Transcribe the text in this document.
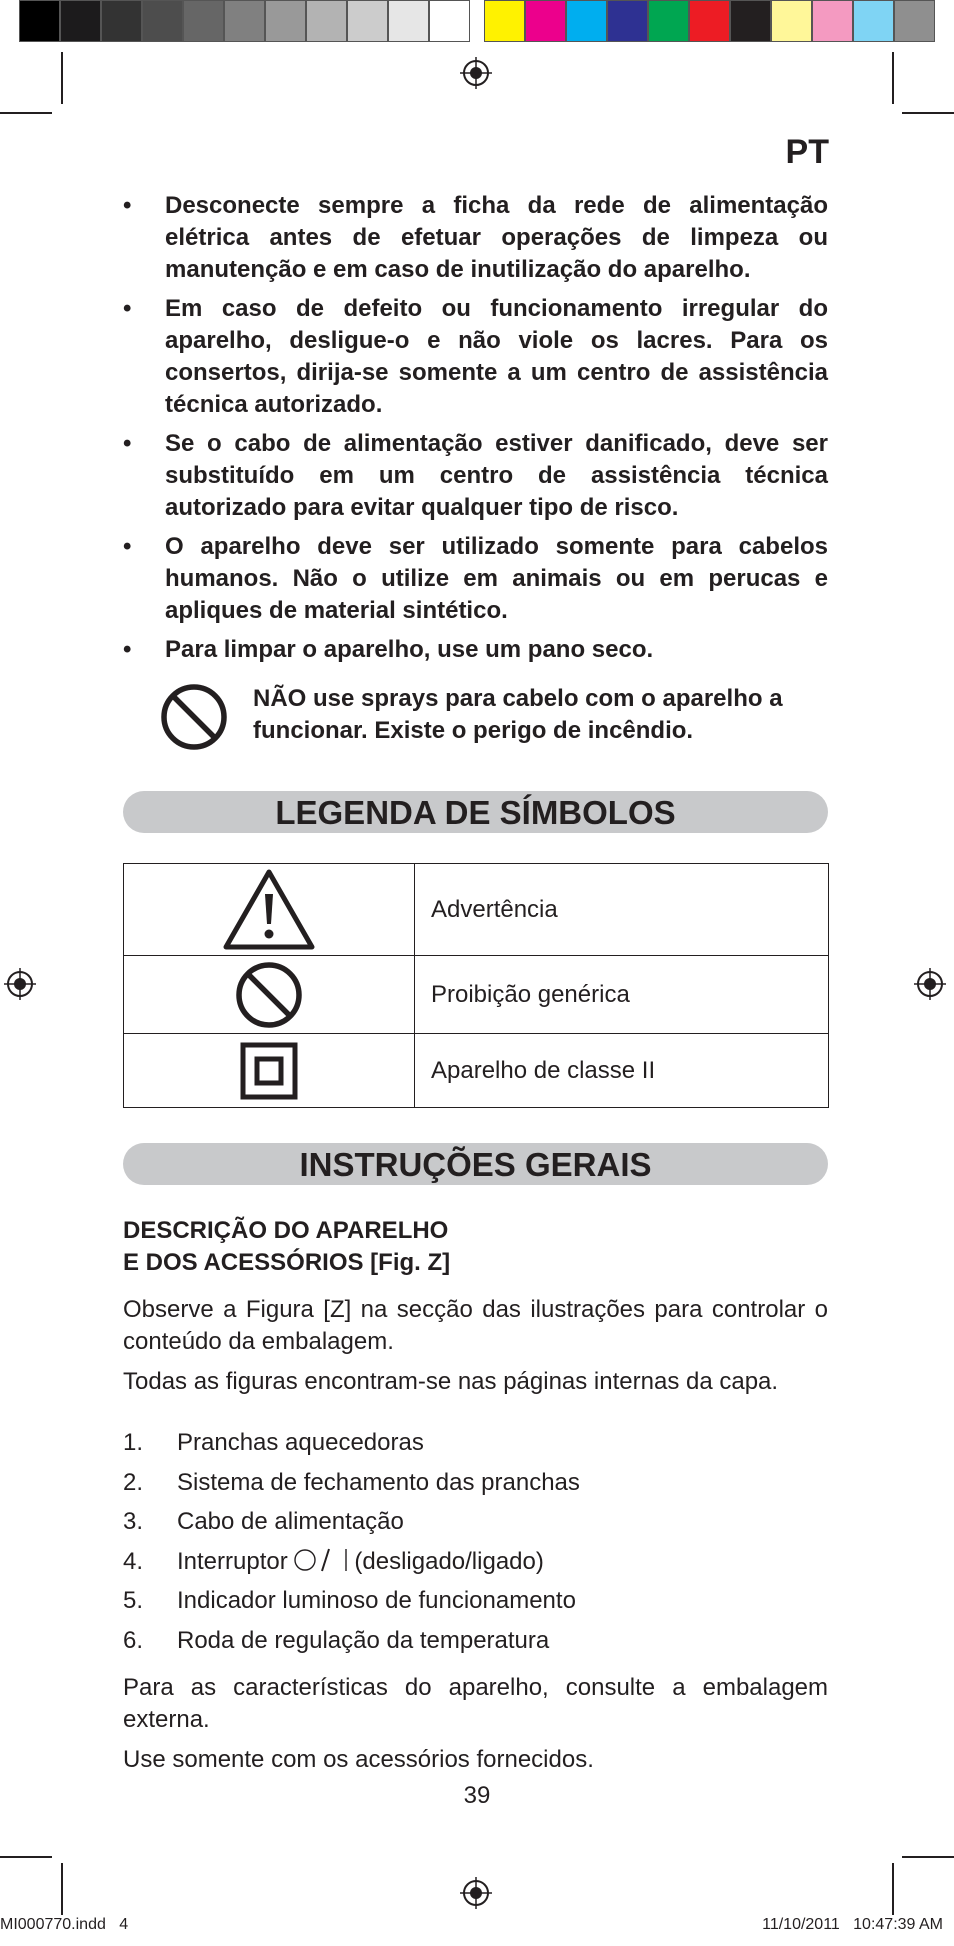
PT
• Desconecte sempre a ficha da rede de alimentação elétrica antes de efetuar operações de limpeza ou manutenção e em caso de inutilização do aparelho.
• Em caso de defeito ou funcionamento irregular do aparelho, desligue-o e não viole os lacres. Para os consertos, dirija-se somente a um centro de assistência técnica autorizado.
• Se o cabo de alimentação estiver danificado, deve ser substituído em um centro de assistência técnica autorizado para evitar qualquer tipo de risco.
• O aparelho deve ser utilizado somente para cabelos humanos. Não o utilize em animais ou em perucas e apliques de material sintético.
• Para limpar o aparelho, use um pano seco.
NÃO use sprays para cabelo com o aparelho a funcionar. Existe o perigo de incêndio.
LEGENDA DE SÍMBOLOS
	Advertência

	Proibição genérica

	Aparelho de classe II
INSTRUÇÕES GERAIS
DESCRIÇÃO DO APARELHO
E DOS ACESSÓRIOS [Fig. Z]
Observe a Figura [Z] na secção das ilustrações para controlar o conteúdo da embalagem.
Todas as figuras encontram-se nas páginas internas da capa.
1. Pranchas aquecedoras
2. Sistema de fechamento das pranchas
3. Cabo de alimentação
4. Interruptor	(desligado/ligado)
5. Indicador luminoso de funcionamento
6. Roda de regulação da temperatura
Para as características do aparelho, consulte a embalagem externa.
Use somente com os acessórios fornecidos.
39
MI000770.indd   4	11/10/2011   10:47:39 AM
